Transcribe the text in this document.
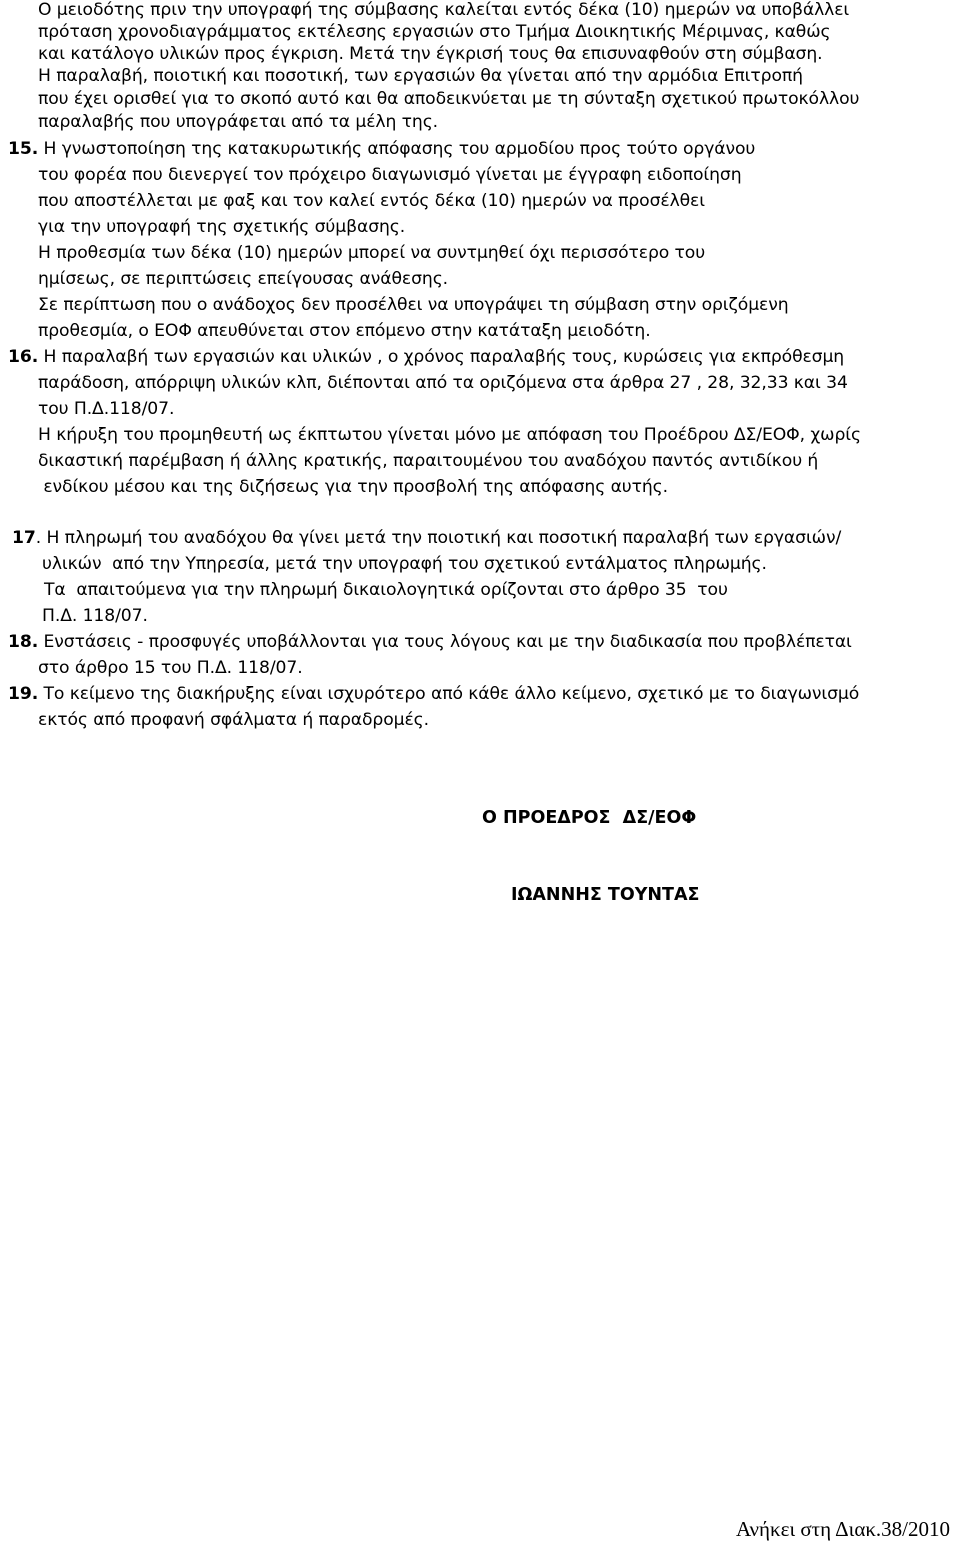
Ο μειοδότης πριν την υπογραφή της σύμβασης καλείται εντός δέκα (10) ημερών να υποβάλλει
πρόταση χρονοδιαγράμματος εκτέλεσης εργασιών στο Τμήμα Διοικητικής Μέριμνας, καθώς
και κατάλογο υλικών προς έγκριση. Μετά την έγκρισή τους θα επισυναφθούν στη σύμβαση.
Η παραλαβή, ποιοτική και ποσοτική, των εργασιών θα γίνεται από την αρμόδια Επιτροπή
που έχει ορισθεί για το σκοπό αυτό και θα αποδεικνύεται με τη σύνταξη σχετικού πρωτοκόλλου
παραλαβής που υπογράφεται από τα μέλη της.
15. Η γνωστοποίηση της κατακυρωτικής απόφασης του αρμοδίου προς τούτο οργάνου
του φορέα που διενεργεί τον πρόχειρο διαγωνισμό γίνεται με έγγραφη ειδοποίηση
που αποστέλλεται με φαξ και τον καλεί εντός δέκα (10) ημερών να προσέλθει
για την υπογραφή της σχετικής σύμβασης.
Η προθεσμία των δέκα (10) ημερών μπορεί να συντμηθεί όχι περισσότερο του
ημίσεως, σε περιπτώσεις επείγουσας ανάθεσης.
Σε περίπτωση που ο ανάδοχος δεν προσέλθει να υπογράψει τη σύμβαση στην οριζόμενη
προθεσμία, ο ΕΟΦ απευθύνεται στον επόμενο στην κατάταξη μειοδότη.
16. Η παραλαβή των εργασιών και υλικών , ο χρόνος παραλαβής τους, κυρώσεις για εκπρόθεσμη
παράδοση, απόρριψη υλικών κλπ, διέπονται από τα οριζόμενα στα άρθρα 27 , 28, 32,33 και 34
του Π.Δ.118/07.
Η κήρυξη του προμηθευτή ως έκπτωτου γίνεται μόνο με απόφαση του Προέδρου ΔΣ/ΕΟΦ, χωρίς
δικαστική παρέμβαση ή άλλης κρατικής, παραιτουμένου του αναδόχου παντός αντιδίκου ή
ενδίκου μέσου και της διζήσεως για την προσβολή της απόφασης αυτής.
17. Η πληρωμή του αναδόχου θα γίνει μετά την ποιοτική και ποσοτική παραλαβή των εργασιών/
υλικών  από την Υπηρεσία, μετά την υπογραφή του σχετικού εντάλματος πληρωμής.
Τα  απαιτούμενα για την πληρωμή δικαιολογητικά ορίζονται στο άρθρο 35  του
Π.Δ. 118/07.
18. Ενστάσεις - προσφυγές υποβάλλονται για τους λόγους και με την διαδικασία που προβλέπεται
στο άρθρο 15 του Π.Δ. 118/07.
19. Το κείμενο της διακήρυξης είναι ισχυρότερο από κάθε άλλο κείμενο, σχετικό με το διαγωνισμό
εκτός από προφανή σφάλματα ή παραδρομές.
Ο ΠΡΟΕΔΡΟΣ  ΔΣ/ΕΟΦ
ΙΩΑΝΝΗΣ ΤΟΥΝΤΑΣ
Ανήκει στη Διακ.38/2010
